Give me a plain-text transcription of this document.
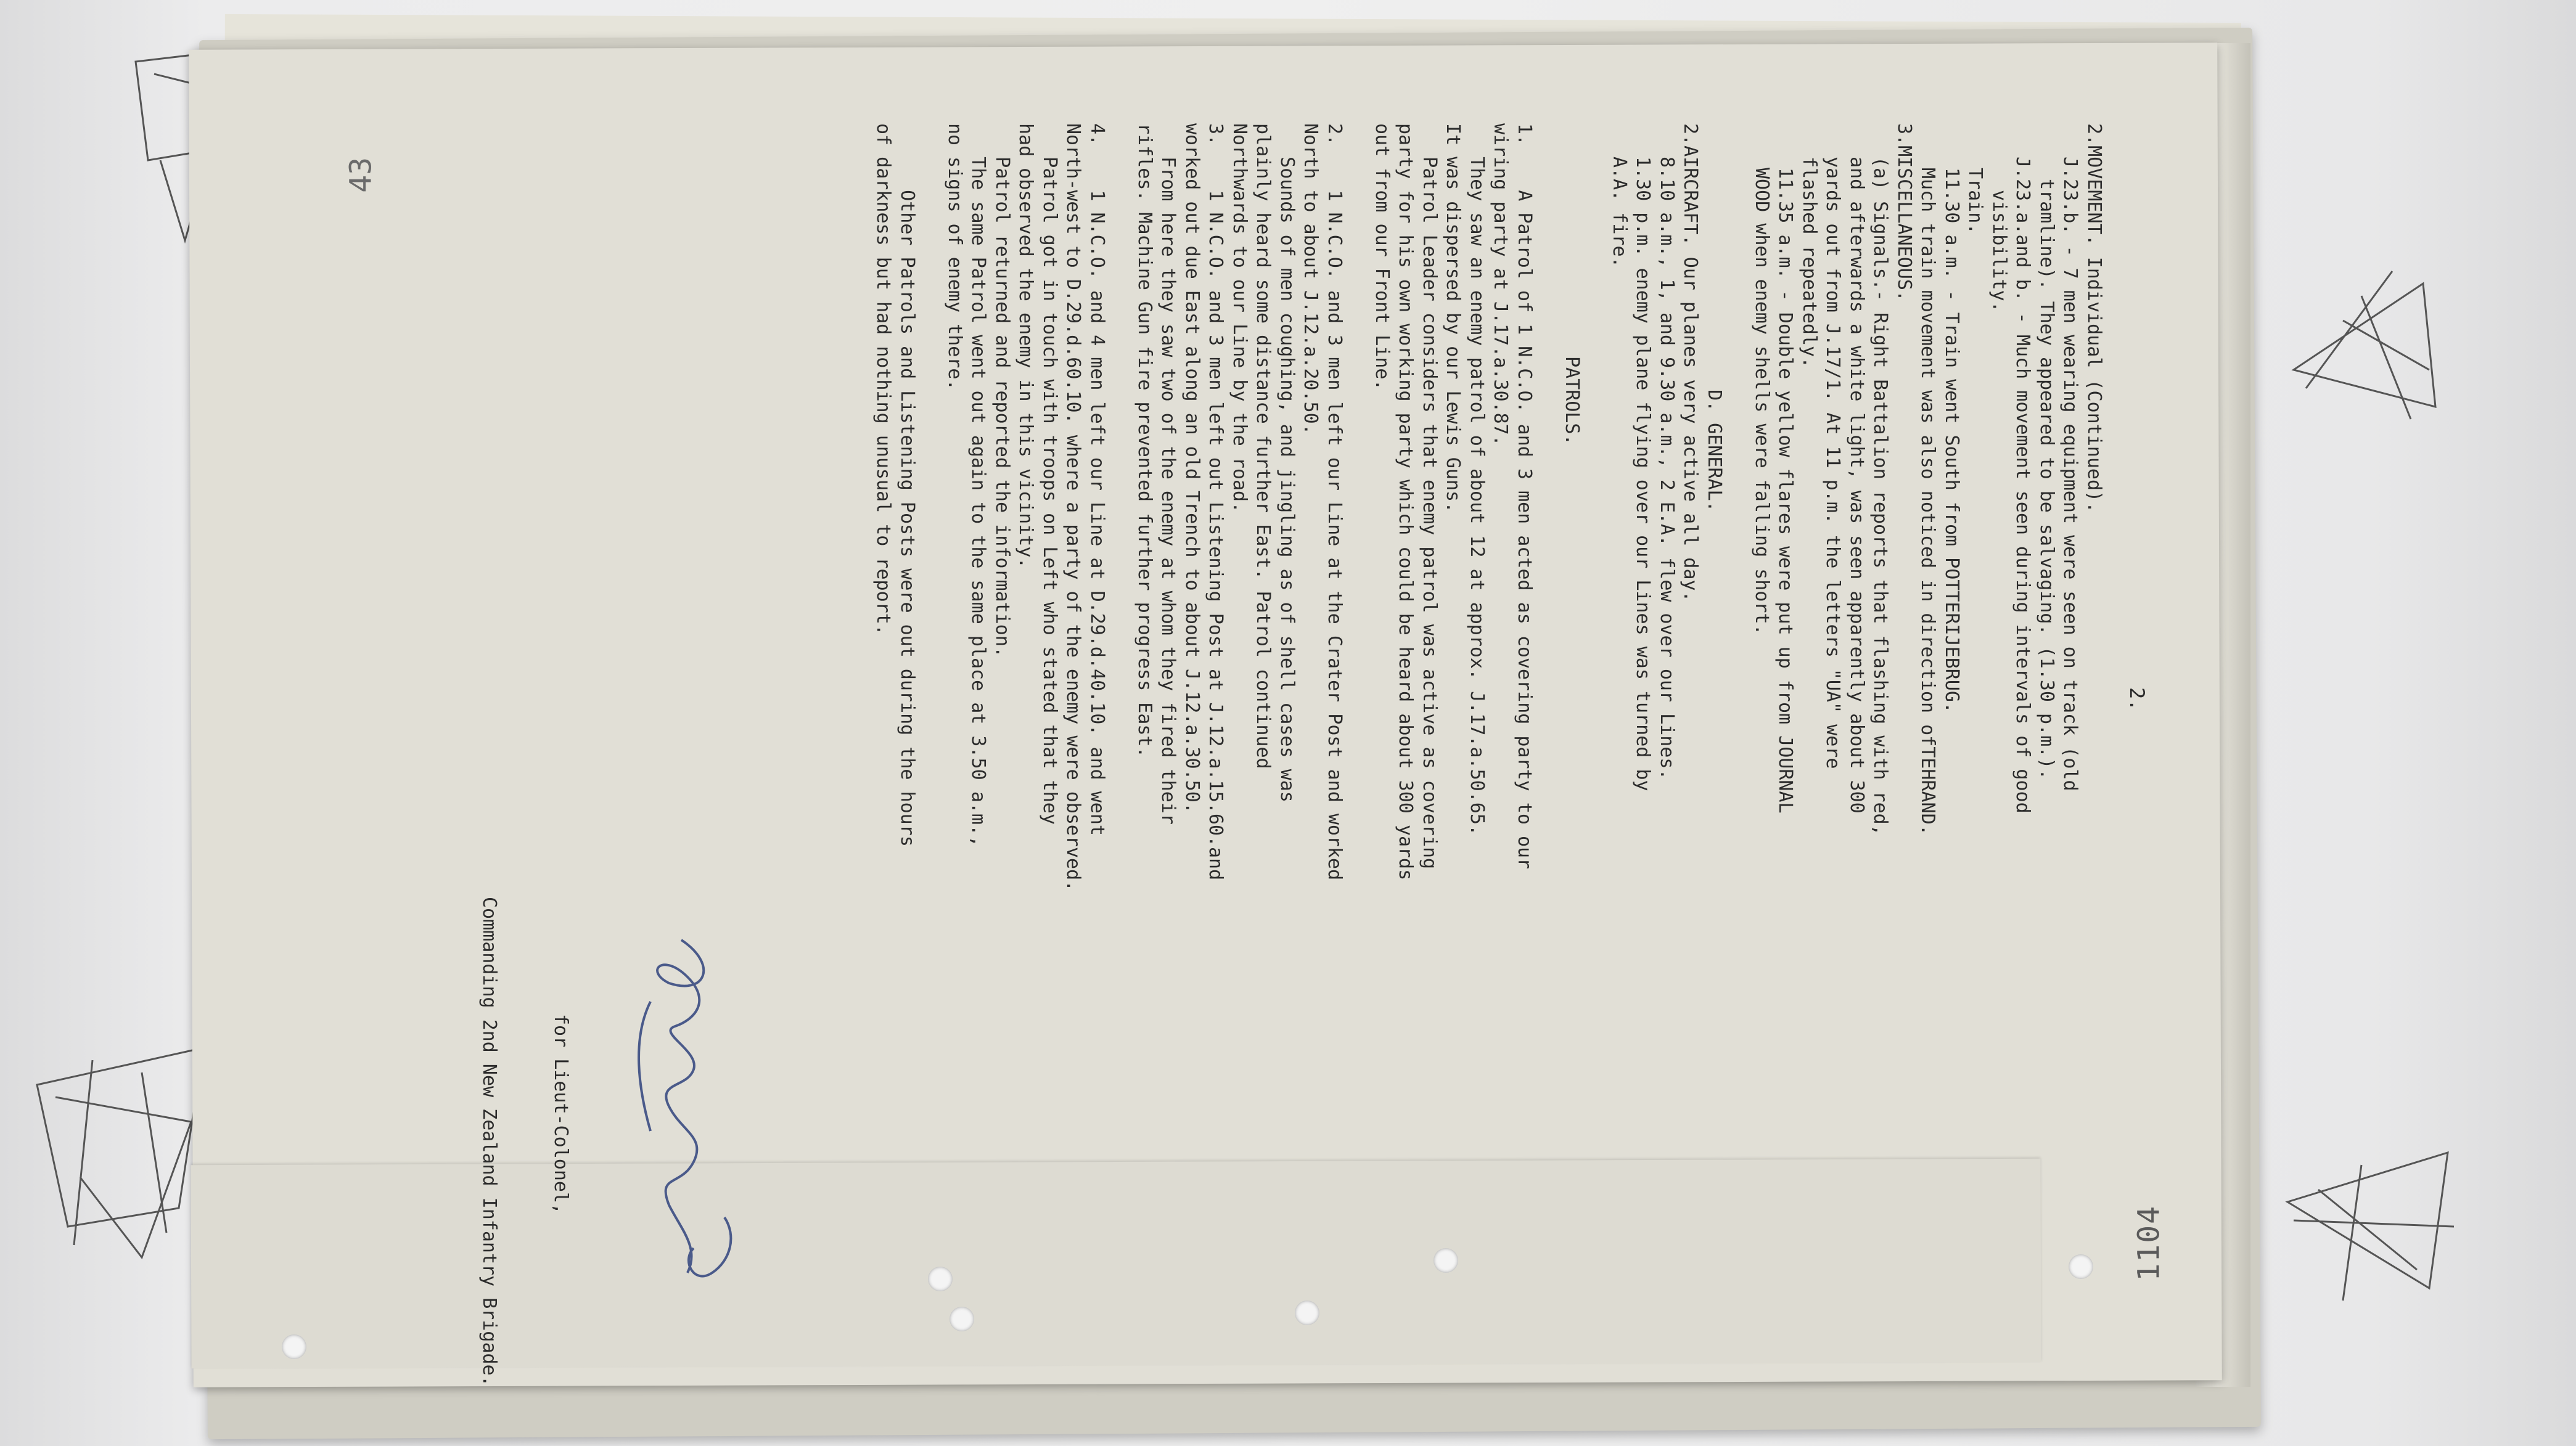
2.

1104

43

	2.MOVEMENT. Individual (Continued).
J.23.b. - 7 men wearing equipment were seen on track (old
tramline). They appeared to be salvaging. (1.30 p.m.).
J.23.a.and b. - Much movement seen during intervals of good
visibility.
Train.
11.30 a.m. - Train went South from POTTERIJEBRUG.
Much train movement was also noticed in direction ofTEHRAND.
3.MISCELLANEOUS.
(a) Signals.- Right Battalion reports that flashing with red,
and afterwards a white light, was seen apparently about 300
yards out from J.17/1. At 11 p.m. the letters "UA" were
flashed repeatedly.
11.35 a.m. - Double yellow flares were put up from JOURNAL
WOOD when enemy shells were falling short.
D. GENERAL.
2.AIRCRAFT. Our planes very active all day.
8.10 a.m., 1, and 9.30 a.m., 2 E.A. flew over our Lines.
1.30 p.m. enemy plane flying over our Lines was turned by
A.A. fire.
PATROLS.
1.    A Patrol of 1 N.C.O. and 3 men acted as covering party to our
wiring party at J.17.a.30.87.
They saw an enemy patrol of about 12 at approx. J.17.a.50.65.
It was dispersed by our Lewis Guns.
Patrol Leader considers that enemy patrol was active as covering
party for his own working party which could be heard about 300 yards
out from our Front Line.
2.    1 N.C.O. and 3 men left our Line at the Crater Post and worked
North to about J.12.a.20.50.
Sounds of men coughing, and jingling as of shell cases was
plainly heard some distance further East. Patrol continued
Northwards to our Line by the road.
3.    1 N.C.O. and 3 men left out Listening Post at J.12.a.15.60.and
worked out due East along an old Trench to about J.12.a.30.50.
From here they saw two of the enemy at whom they fired their
rifles. Machine Gun fire prevented further progress East.
4.    1 N.C.O. and 4 men left our Line at D.29.d.40.10. and went
North-west to D.29.d.60.10. where a party of the enemy were observed.
Patrol got in touch with troops on Left who stated that they
had observed the enemy in this vicinity.
Patrol returned and reported the information.
The same Patrol went out again to the same place at 3.50 a.m.,
no signs of enemy there.
Other Patrols and Listening Posts were out during the hours
of darkness but had nothing unusual to report.

for Lieut-Colonel,

Commanding 2nd New Zealand Infantry Brigade.
